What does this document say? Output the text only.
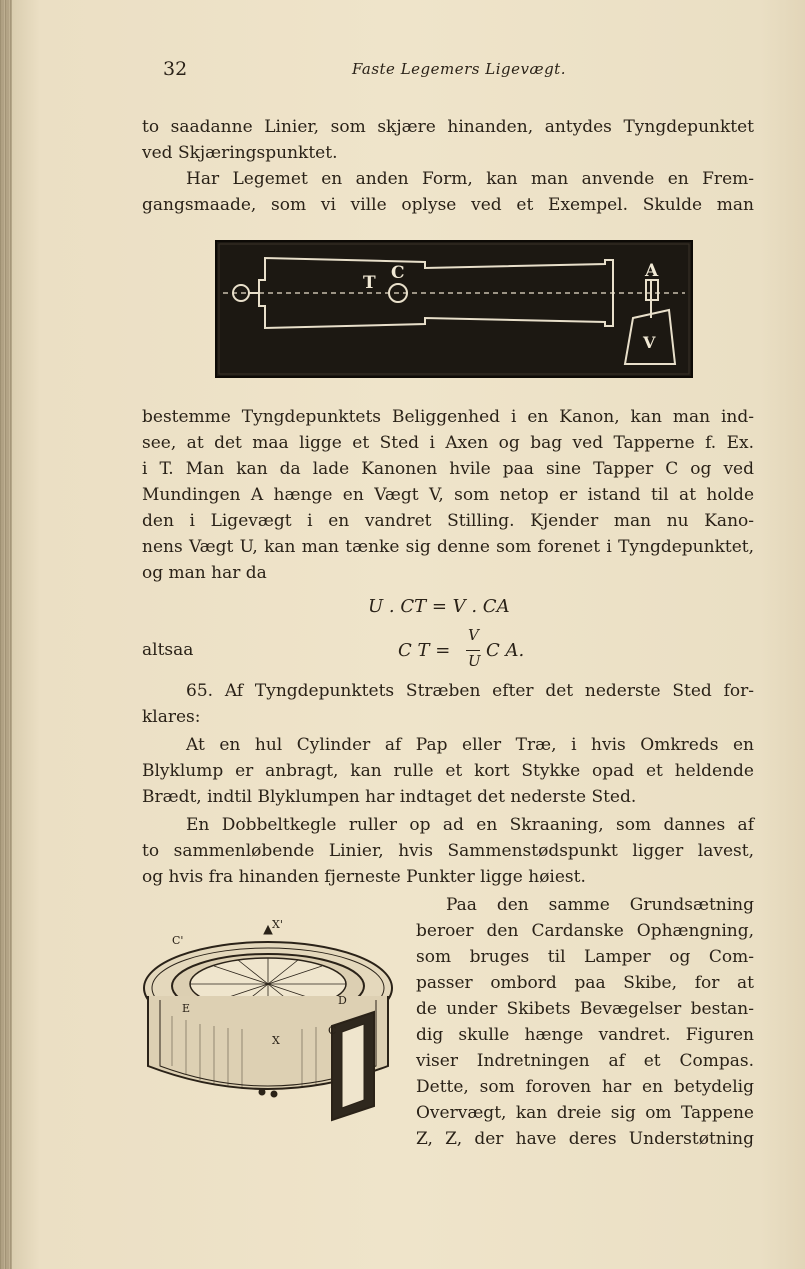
32	Faste Legemers Ligevægt.
to saadanne Linier, som skjære hinanden, antydes Tyngdepunktet
ved Skjæringspunktet.
Har Legemet en anden Form, kan man anvende en Frem-
gangsmaade, som vi ville oplyse ved et Exempel. Skulde man
T C	A
V
bestemme Tyngdepunktets Beliggenhed i en Kanon, kan man ind-
see, at det maa ligge et Sted i Axen og bag ved Tapperne f. Ex.
i T. Man kan da lade Kanonen hvile paa sine Tapper C og ved
Mundingen A hænge en Vægt V, som netop er istand til at holde
den i Ligevægt i en vandret Stilling. Kjender man nu Kano-
nens Vægt U, kan man tænke sig denne som forenet i Tyngdepunktet,
og man har da
U . CT = V . CA
altsaa	C T =
V
U C A.
65. Af Tyngdepunktets Stræben efter det nederste Sted for-
klares:
At en hul Cylinder af Pap eller Træ, i hvis Omkreds en
Blyklump er anbragt, kan rulle et kort Stykke opad et heldende
Brædt, indtil Blyklumpen har indtaget det nederste Sted.
En Dobbeltkegle ruller op ad en Skraaning, som dannes af
to sammenløbende Linier, hvis Sammenstødspunkt ligger lavest,
og hvis fra hinanden fjerneste Punkter ligge høiest.
Paa den samme Grundsætning
beroer den Cardanske Ophængning,
som bruges til Lamper og Com-
passer ombord paa Skibe, for at
de under Skibets Bevægelser bestan-
dig skulle hænge vandret. Figuren
viser Indretningen af et Compas.
Dette, som foroven har en betydelig
Overvægt, kan dreie sig om Tappene
Z, Z, der have deres Understøtning
C'
X'
C
X
E
D
